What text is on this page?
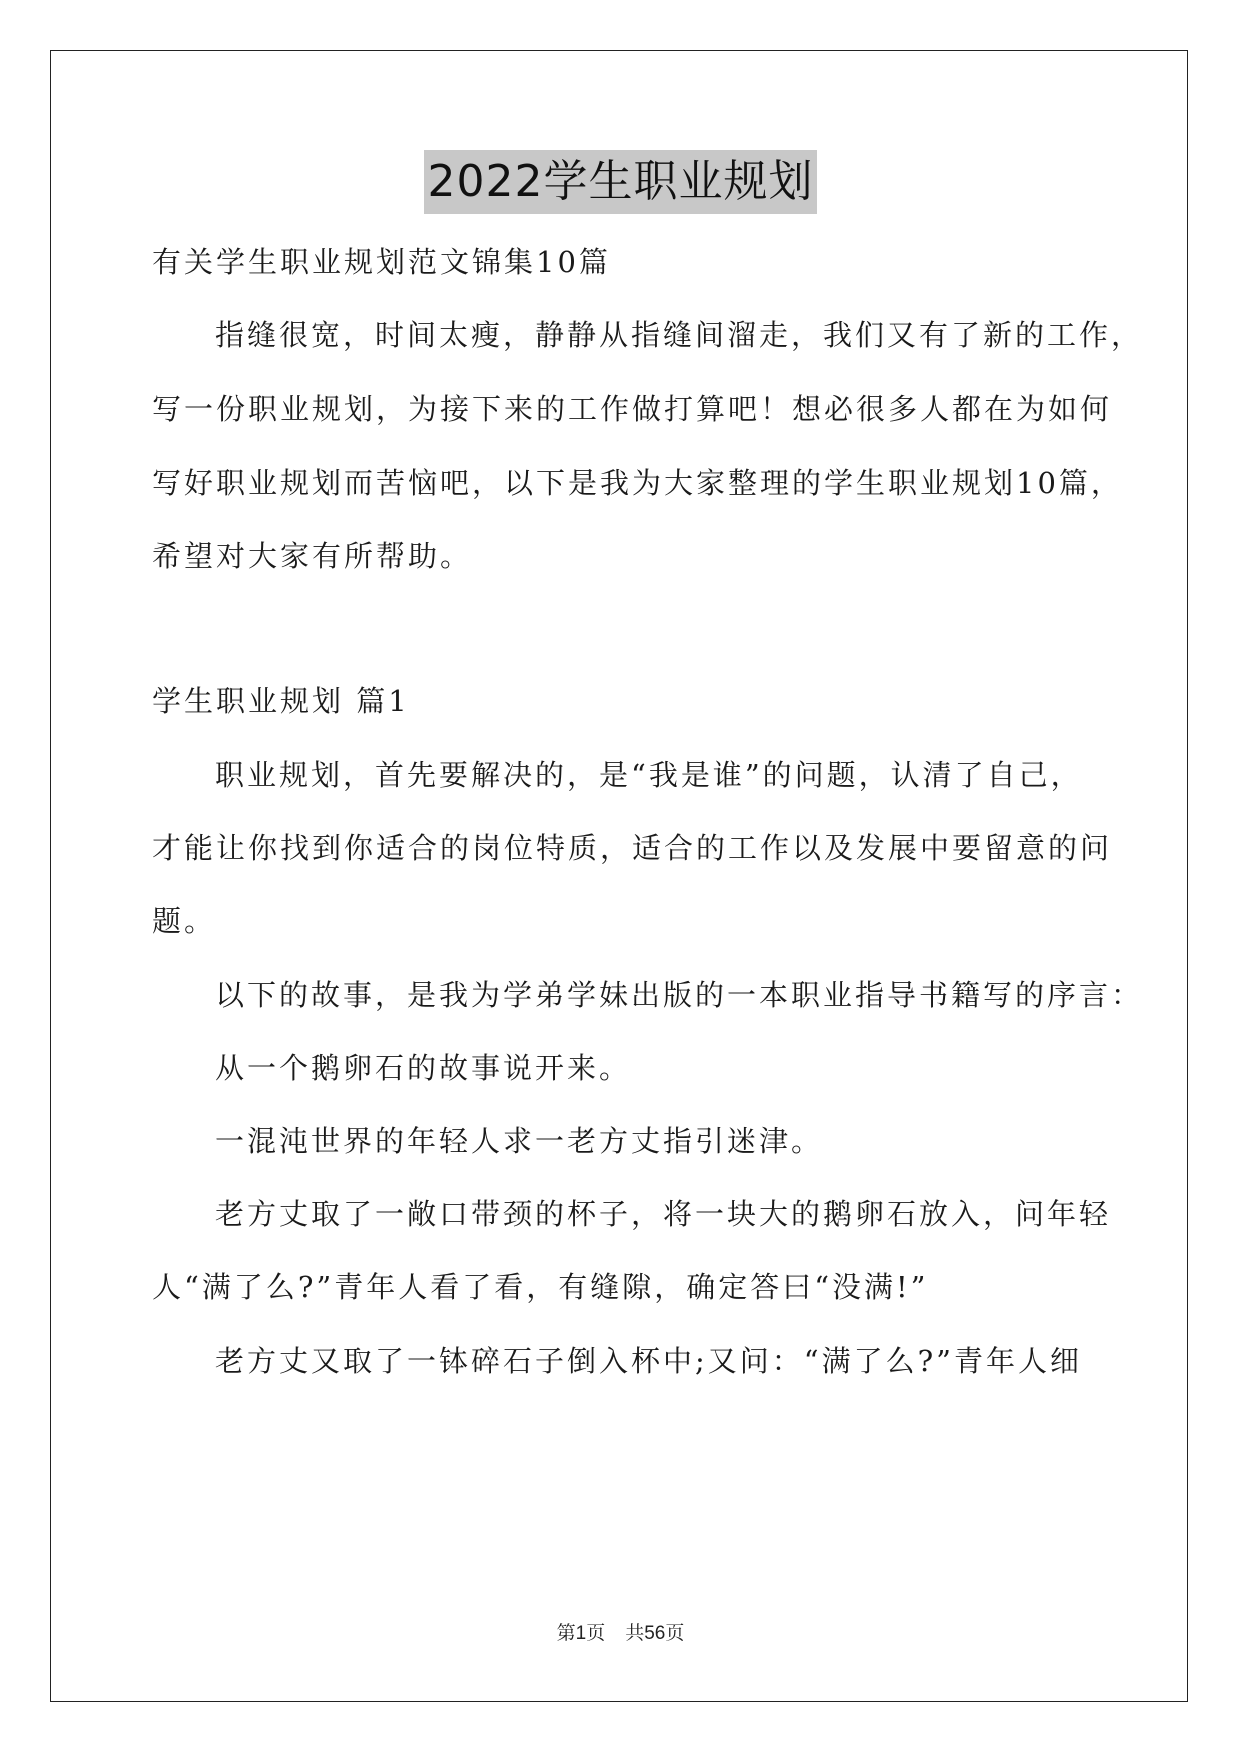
2022学生职业规划
有关学生职业规划范文锦集10篇
指缝很宽，时间太瘦，静静从指缝间溜走，我们又有了新的工作，
写一份职业规划，为接下来的工作做打算吧！想必很多人都在为如何
写好职业规划而苦恼吧，以下是我为大家整理的学生职业规划10篇，
希望对大家有所帮助。
学生职业规划 篇1
职业规划，首先要解决的，是“我是谁”的问题，认清了自己，
才能让你找到你适合的岗位特质，适合的工作以及发展中要留意的问
题。
以下的故事，是我为学弟学妹出版的一本职业指导书籍写的序言：
从一个鹅卵石的故事说开来。
一混沌世界的年轻人求一老方丈指引迷津。
老方丈取了一敞口带颈的杯子，将一块大的鹅卵石放入，问年轻
人“满了么?”青年人看了看，有缝隙，确定答曰“没满!”
老方丈又取了一钵碎石子倒入杯中;又问：“满了么?”青年人细
第1页 共56页
